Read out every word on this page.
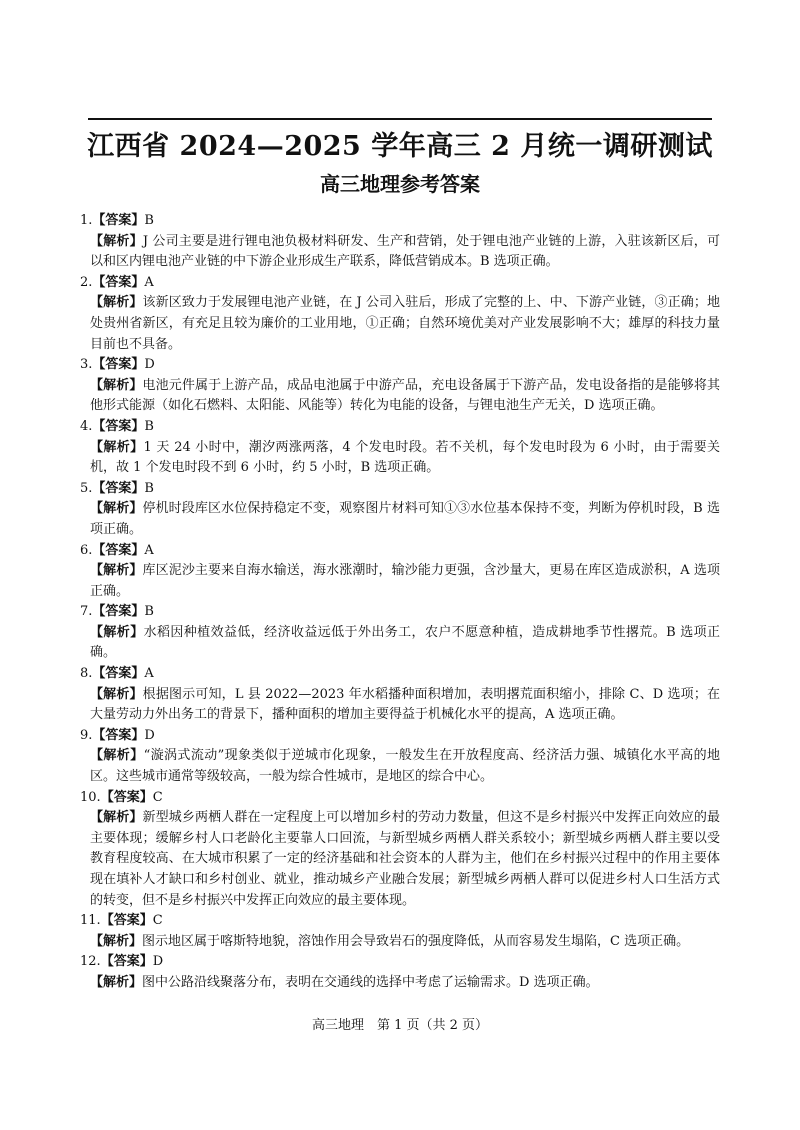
江西省 2024—2025 学年高三 2 月统一调研测试
高三地理参考答案

1.【答案】B

【解析】J 公司主要是进行锂电池负极材料研发、生产和营销，处于锂电池产业链的上游，入驻该新区后，可以和区内锂电池产业链的中下游企业形成生产联系，降低营销成本。B 选项正确。

2.【答案】A

【解析】该新区致力于发展锂电池产业链，在 J 公司入驻后，形成了完整的上、中、下游产业链，③正确；地处贵州省新区，有充足且较为廉价的工业用地，①正确；自然环境优美对产业发展影响不大；雄厚的科技力量目前也不具备。

3.【答案】D

【解析】电池元件属于上游产品，成品电池属于中游产品，充电设备属于下游产品，发电设备指的是能够将其他形式能源（如化石燃料、太阳能、风能等）转化为电能的设备，与锂电池生产无关，D 选项正确。

4.【答案】B

【解析】1 天 24 小时中，潮汐两涨两落，4 个发电时段。若不关机，每个发电时段为 6 小时，由于需要关机，故 1 个发电时段不到 6 小时，约 5 小时，B 选项正确。

5.【答案】B

【解析】停机时段库区水位保持稳定不变，观察图片材料可知①③水位基本保持不变，判断为停机时段，B 选项正确。

6.【答案】A

【解析】库区泥沙主要来自海水输送，海水涨潮时，输沙能力更强，含沙量大，更易在库区造成淤积，A 选项正确。

7.【答案】B

【解析】水稻因种植效益低，经济收益远低于外出务工，农户不愿意种植，造成耕地季节性撂荒。B 选项正确。

8.【答案】A

【解析】根据图示可知，L 县 2022—2023 年水稻播种面积增加，表明撂荒面积缩小，排除 C、D 选项；在大量劳动力外出务工的背景下，播种面积的增加主要得益于机械化水平的提高，A 选项正确。

9.【答案】D

【解析】“漩涡式流动”现象类似于逆城市化现象，一般发生在开放程度高、经济活力强、城镇化水平高的地区。这些城市通常等级较高，一般为综合性城市，是地区的综合中心。

10.【答案】C

【解析】新型城乡两栖人群在一定程度上可以增加乡村的劳动力数量，但这不是乡村振兴中发挥正向效应的最主要体现；缓解乡村人口老龄化主要靠人口回流，与新型城乡两栖人群关系较小；新型城乡两栖人群主要以受教育程度较高、在大城市积累了一定的经济基础和社会资本的人群为主，他们在乡村振兴过程中的作用主要体现在填补人才缺口和乡村创业、就业，推动城乡产业融合发展；新型城乡两栖人群可以促进乡村人口生活方式的转变，但不是乡村振兴中发挥正向效应的最主要体现。

11.【答案】C

【解析】图示地区属于喀斯特地貌，溶蚀作用会导致岩石的强度降低，从而容易发生塌陷，C 选项正确。

12.【答案】D

【解析】图中公路沿线聚落分布，表明在交通线的选择中考虑了运输需求。D 选项正确。

高三地理　第 1 页（共 2 页）
